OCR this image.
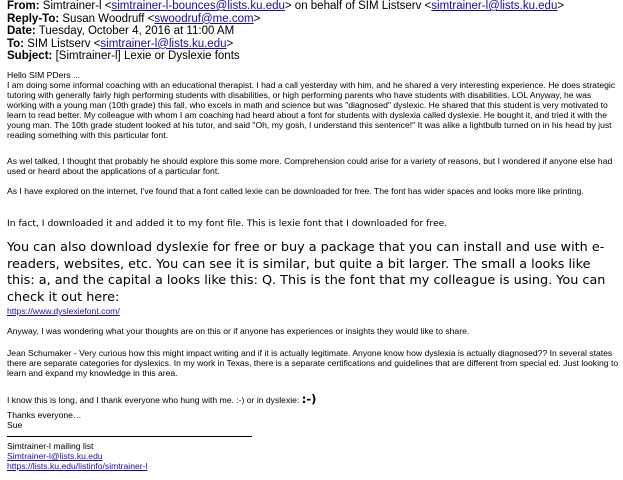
From: Simtrainer-l <simtrainer-l-bounces@lists.ku.edu> on behalf of SIM Listserv <simtrainer-l@lists.ku.edu>
Reply-To: Susan Woodruff <swoodruf@me.com>
Date: Tuesday, October 4, 2016 at 11:00 AM
To: SIM Listserv <simtrainer-l@lists.ku.edu>
Subject: [Simtrainer-l] Lexie or Dyslexie fonts

Hello SIM PDers ...

I am doing some informal coaching with an educational therapist. I had a call yesterday with him, and he shared a very interesting experience. He does strategic tutoring with generally fairly high performing students with disabilities, or high performing parents who have students with disabilities. LOL Anyway, he was working with a young man (10th grade) this fall, who excels in math and science but was "diagnosed" dyslexic. He shared that this student is very motivated to learn to read better. My colleague with whom I am coaching had heard about a font for students with dyslexia called dyslexie. He bought it, and tried it with the young man. The 10th grade student looked at his tutor, and said "Oh, my gosh, I understand this sentence!" It was alike a lightbulb turned on in his head by just reading something with this particular font.

As wel talked, I thought that probably he should explore this some more. Comprehension could arise for a variety of reasons, but I wondered if anyone else had used or heard about the applications of a particular font.

As I have explored on the internet, I've found that a font called lexie can be downloaded for free. The font has wider spaces and looks more like printing.

In fact, I downloaded it and added it to my font file. This is lexie font that I downloaded for free.

You can also download dyslexie for free or buy a package that you can install and use with e-readers, websites, etc. You can see it is similar, but quite a bit larger. The small a looks like this: a, and the capital a looks like this: Q. This is the font that my colleague is using. You can check it out here:
https://www.dyslexiefont.com/

Anyway, I was wondering what your thoughts are on this or if anyone has experiences or insights they would like to share.

Jean Schumaker - Very curious how this might impact writing and if it is actually legitimate. Anyone know how dyslexia is actually diagnosed?? In several states there are separate categories for dyslexics. In my work in Texas, there is a separate certifications and guidelines that are different from special ed. Just looking to learn and expand my knowledge in this area.

I know this is long, and I thank everyone who hung with me. :-) or in dyslexie: :-)

Thanks everyone…

Sue

Simtrainer-l mailing list
Simtrainer-l@lists.ku.edu
https://lists.ku.edu/listinfo/simtrainer-l
